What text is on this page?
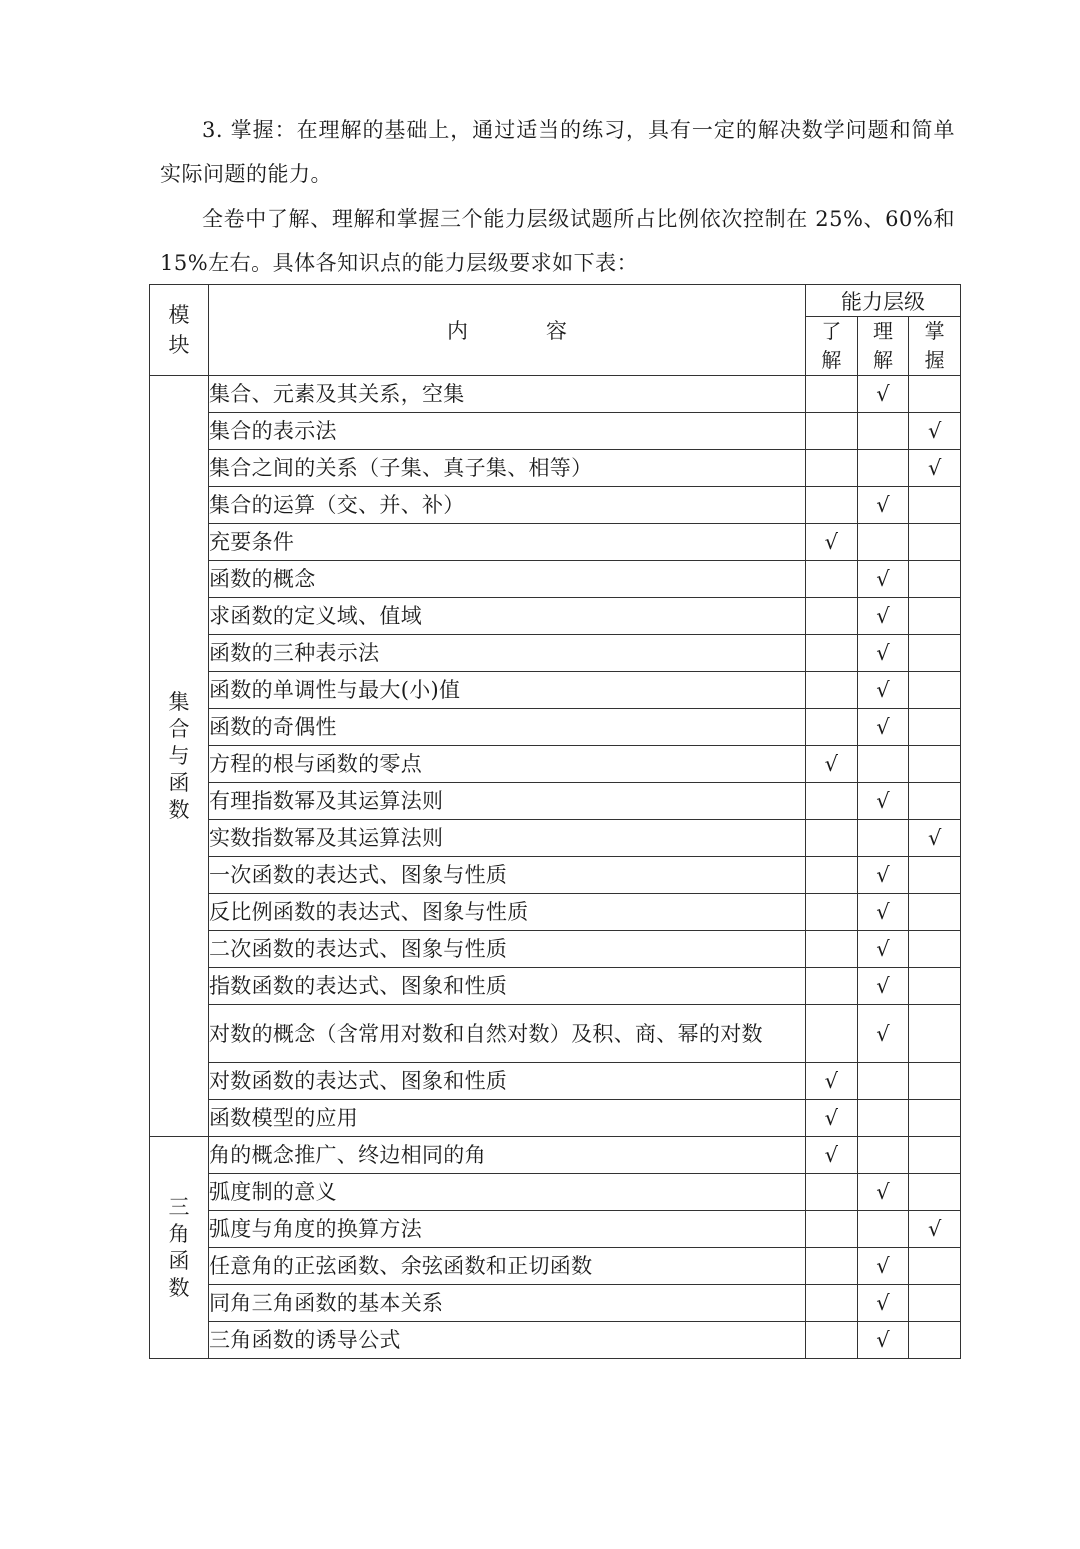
3. 掌握：在理解的基础上，通过适当的练习，具有一定的解决数学问题和简单实际问题的能力。

全卷中了解、理解和掌握三个能力层级试题所占比例依次控制在 25%、60%和 15%左右。具体各知识点的能力层级要求如下表：

模块	内 容	能力层级		
		了解	理解	掌握
集合与函数	集合、元素及其关系，空集		√	
	集合的表示法			√
	集合之间的关系（子集、真子集、相等）			√
	集合的运算（交、并、补）		√	
	充要条件	√		
	函数的概念		√	
	求函数的定义域、值域		√	
	函数的三种表示法		√	
	函数的单调性与最大(小)值		√	
	函数的奇偶性		√	
	方程的根与函数的零点	√		
	有理指数幂及其运算法则		√	
	实数指数幂及其运算法则			√
	一次函数的表达式、图象与性质		√	
	反比例函数的表达式、图象与性质		√	
	二次函数的表达式、图象与性质		√	
	指数函数的表达式、图象和性质		√	
	对数的概念（含常用对数和自然对数）及积、商、幂的对数		√	
	对数函数的表达式、图象和性质	√		
	函数模型的应用	√		
三角函数	角的概念推广、终边相同的角	√		
	弧度制的意义		√	
	弧度与角度的换算方法			√
	任意角的正弦函数、余弦函数和正切函数		√	
	同角三角函数的基本关系		√	
	三角函数的诱导公式		√	
